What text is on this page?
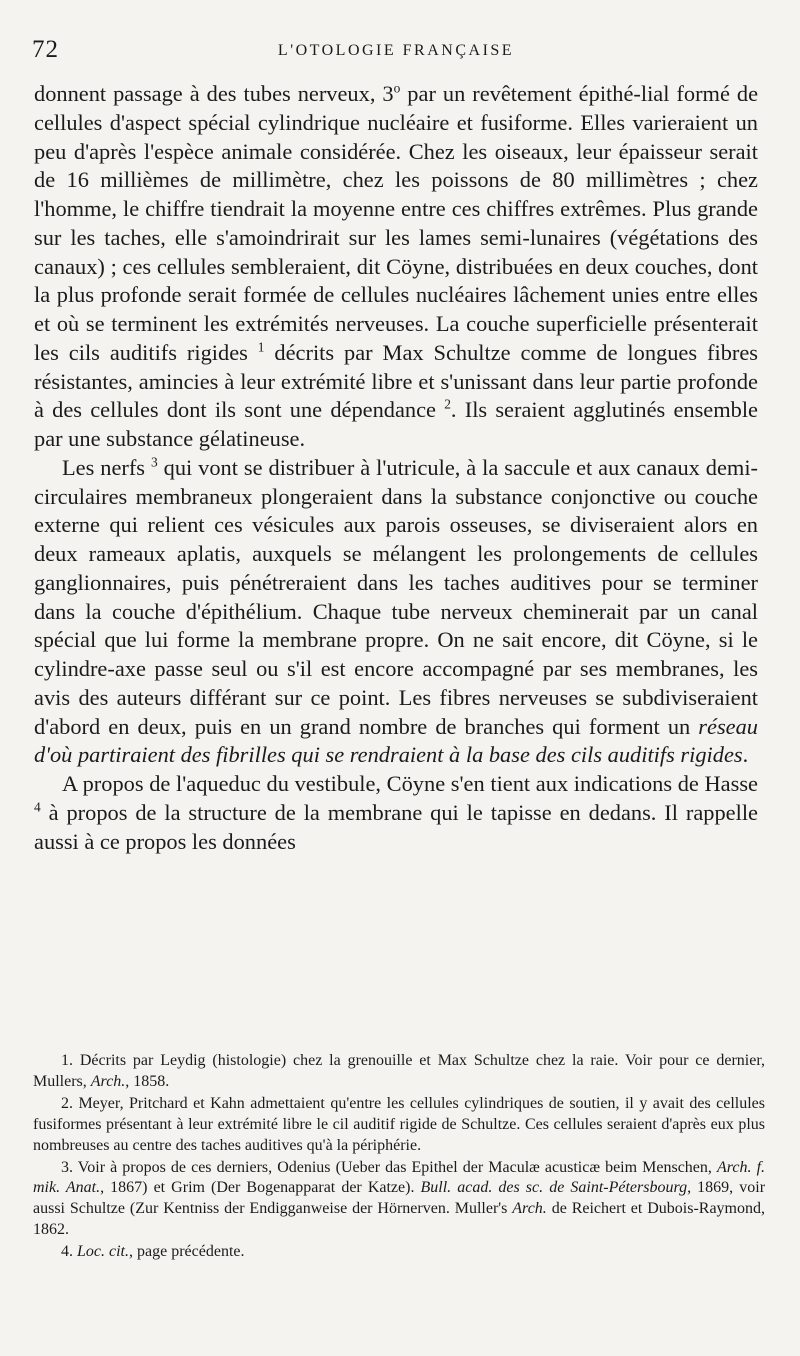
72	L'OTOLOGIE FRANÇAISE

donnent passage à des tubes nerveux, 3$^o$ par un revêtement épithé-lial formé de cellules d'aspect spécial cylindrique nucléaire et fusiforme. Elles varieraient un peu d'après l'espèce animale considérée. Chez les oiseaux, leur épaisseur serait de 16 millièmes de millimètre, chez les poissons de 80 millimètres ; chez l'homme, le chiffre tiendrait la moyenne entre ces chiffres extrêmes. Plus grande sur les taches, elle s'amoindrirait sur les lames semi-lunaires (végétations des canaux) ; ces cellules sembleraient, dit Cöyne, distribuées en deux couches, dont la plus profonde serait formée de cellules nucléaires lâchement unies entre elles et où se terminent les extrémités nerveuses. La couche superficielle présenterait les cils auditifs rigides $^1$ décrits par Max Schultze comme de longues fibres résistantes, amincies à leur extrémité libre et s'unissant dans leur partie profonde à des cellules dont ils sont une dépendance $^2$. Ils seraient agglutinés ensemble par une substance gélatineuse.

Les nerfs $^3$ qui vont se distribuer à l'utricule, à la saccule et aux canaux demi-circulaires membraneux plongeraient dans la substance conjonctive ou couche externe qui relient ces vésicules aux parois osseuses, se diviseraient alors en deux rameaux aplatis, auxquels se mélangent les prolongements de cellules ganglionnaires, puis pénétreraient dans les taches auditives pour se terminer dans la couche d'épithélium. Chaque tube nerveux cheminerait par un canal spécial que lui forme la membrane propre. On ne sait encore, dit Cöyne, si le cylindre-axe passe seul ou s'il est encore accompagné par ses membranes, les avis des auteurs différant sur ce point. Les fibres nerveuses se subdiviseraient d'abord en deux, puis en un grand nombre de branches qui forment un réseau d'où partiraient des fibrilles qui se rendraient à la base des cils auditifs rigides.

A propos de l'aqueduc du vestibule, Cöyne s'en tient aux indications de Hasse $^4$ à propos de la structure de la membrane qui le tapisse en dedans. Il rappelle aussi à ce propos les données

1. Décrits par Leydig (histologie) chez la grenouille et Max Schultze chez la raie. Voir pour ce dernier, Mullers, Arch., 1858.

2. Meyer, Pritchard et Kahn admettaient qu'entre les cellules cylindriques de soutien, il y avait des cellules fusiformes présentant à leur extrémité libre le cil auditif rigide de Schultze. Ces cellules seraient d'après eux plus nombreuses au centre des taches auditives qu'à la périphérie.

3. Voir à propos de ces derniers, Odenius (Ueber das Epithel der Maculæ acusticæ beim Menschen, Arch. f. mik. Anat., 1867) et Grim (Der Bogenapparat der Katze). Bull. acad. des sc. de Saint-Pétersbourg, 1869, voir aussi Schultze (Zur Kentniss der Endigganweise der Hörnerven. Muller's Arch. de Reichert et Dubois-Raymond, 1862.

4. Loc. cit., page précédente.
